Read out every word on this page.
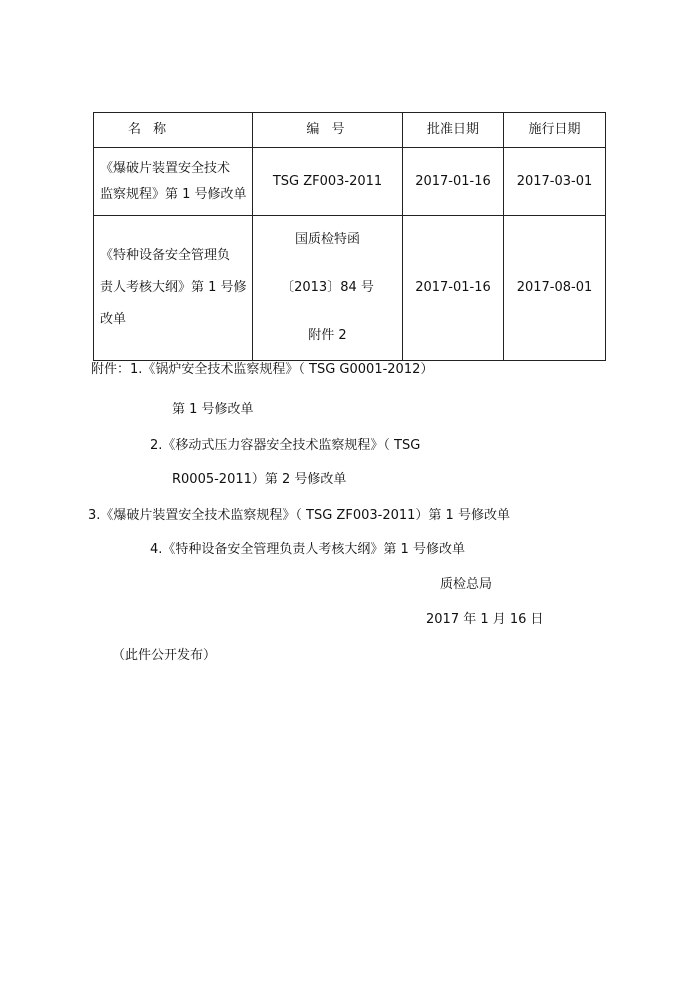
名 称	编 号	批准日期	施行日期

《爆破片装置安全技术
监察规程》第 1 号修改单	TSG ZF003-2011	2017-01-16	2017-03-01

《特种设备安全管理负
责人考核大纲》第 1 号修
改单	国质检特函
〔2013〕84 号
附件 2	2017-01-16	2017-08-01
附件：1.《锅炉安全技术监察规程》（ TSG G0001-2012）
第 1 号修改单
2.《移动式压力容器安全技术监察规程》（ TSG
R0005-2011）第 2 号修改单
3.《爆破片装置安全技术监察规程》（ TSG ZF003-2011）第 1 号修改单
4.《特种设备安全管理负责人考核大纲》第 1 号修改单
质检总局
2017 年 1 月 16 日
（此件公开发布）
